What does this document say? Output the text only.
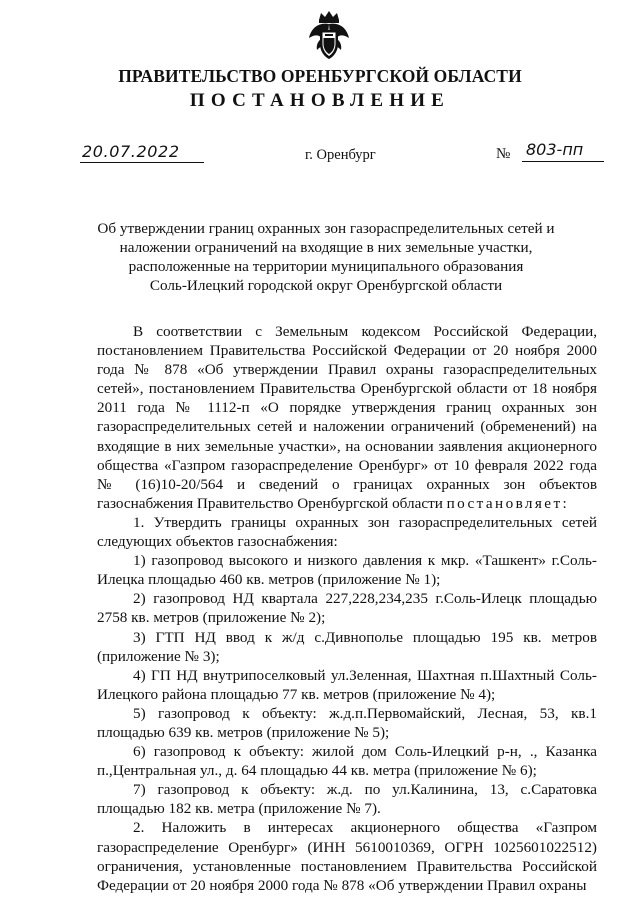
ПРАВИТЕЛЬСТВО ОРЕНБУРГСКОЙ ОБЛАСТИ
ПОСТАНОВЛЕНИЕ
20.07.2022	г. Оренбург	№ 803-пп
Об утверждении границ охранных зон газораспределительных сетей и
наложении ограничений на входящие в них земельные участки,
расположенные на территории муниципального образования
Соль-Илецкий городской округ Оренбургской области

В соответствии с Земельным кодексом Российской Федерации, постановлением Правительства Российской Федерации от 20 ноября 2000 года № 878 «Об утверждении Правил охраны газораспределительных сетей», постановлением Правительства Оренбургской области от 18 ноября 2011 года № 1112-п «О порядке утверждения границ охранных зон газораспределительных сетей и наложении ограничений (обременений) на входящие в них земельные участки», на основании заявления акционерного общества «Газпром газораспределение Оренбург» от 10 февраля 2022 года № (16)10-20/564 и сведений о границах охранных зон объектов газоснабжения Правительство Оренбургской области постановляет:

1. Утвердить границы охранных зон газораспределительных сетей следующих объектов газоснабжения:

1) газопровод высокого и низкого давления к мкр. «Ташкент» г.Соль-Илецка площадью 460 кв. метров (приложение № 1);

2) газопровод НД квартала 227,228,234,235 г.Соль-Илецк площадью 2758 кв. метров (приложение № 2);

3) ГТП НД ввод к ж/д с.Дивнополье площадью 195 кв. метров (приложение № 3);

4) ГП НД внутрипоселковый ул.Зеленная, Шахтная п.Шахтный Соль-Илецкого района площадью 77 кв. метров (приложение № 4);

5) газопровод к объекту: ж.д.п.Первомайский, Лесная, 53, кв.1 площадью 639 кв. метров (приложение № 5);

6) газопровод к объекту: жилой дом Соль-Илецкий р-н, ., Казанка п.,Центральная ул., д. 64 площадью 44 кв. метра (приложение № 6);

7) газопровод к объекту: ж.д. по ул.Калинина, 13, с.Саратовка площадью 182 кв. метра (приложение № 7).

2. Наложить в интересах акционерного общества «Газпром газораспределение Оренбург» (ИНН 5610010369, ОГРН 1025601022512) ограничения, установленные постановлением Правительства Российской Федерации от 20 ноября 2000 года № 878 «Об утверждении Правил охраны
